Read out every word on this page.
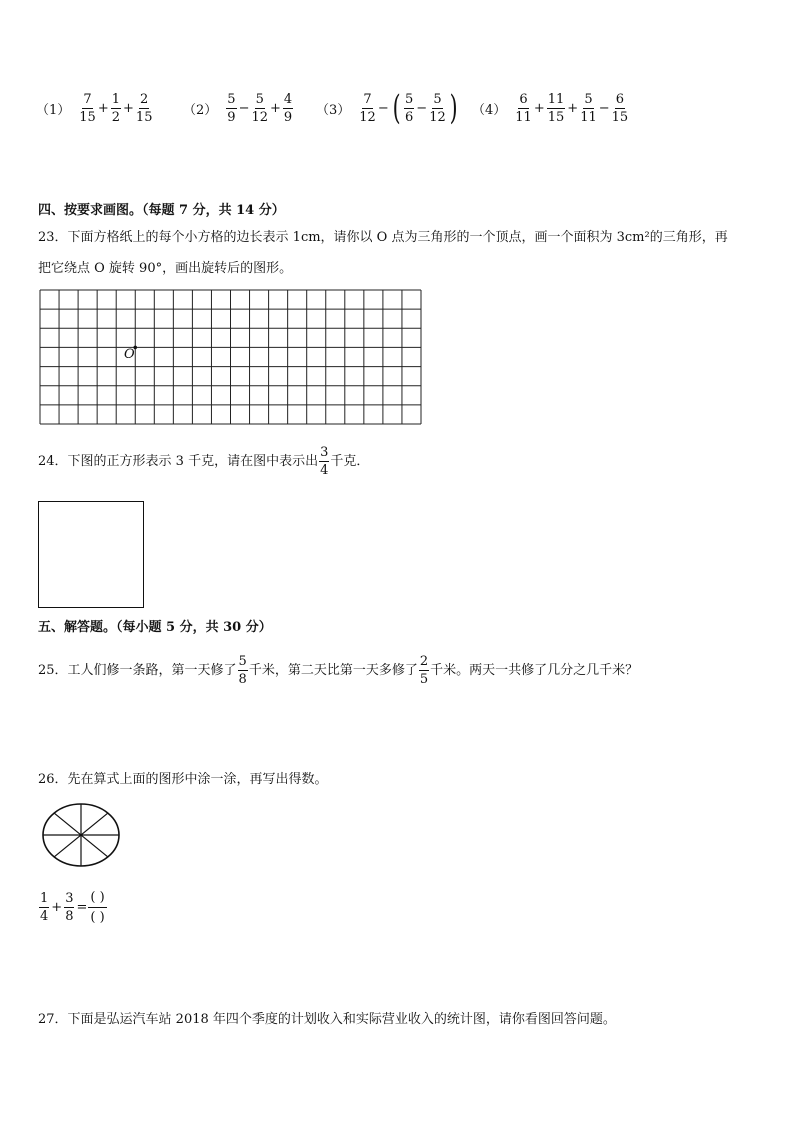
$(1) \frac{7}{15} + \frac{1}{2} + \frac{2}{15} (2) \frac{5}{9} - \frac{5}{12} + \frac{4}{9} (3) \frac{7}{12}$ − ( $\frac{5}{6} - \frac{5}{12}$ ) $(4) \frac{6}{11} + \frac{11}{15} + \frac{5}{11} - \frac{6}{15}$
四、按要求画图。（每题 7 分，共 14 分）
23．下面方格纸上的每个小方格的边长表示 1cm，请你以 O 点为三角形的一个顶点，画一个面积为 3cm²的三角形，再
把它绕点 O 旋转 90°，画出旋转后的图形。
O
24．下图的正方形表示 3 千克，请在图中表示出 $\frac{3}{4}$ 千克．
五、解答题。（每小题 5 分，共 30 分）
25．工人们修一条路，第一天修了 $\frac{5}{8}$ 千米，第二天比第一天多修了 $\frac{2}{5}$ 千米。两天一共修了几分之几千米？
26．先在算式上面的图形中涂一涂，再写出得数。
$\frac{1}{4} + \frac{3}{8} = \frac{( )}{( )}$
27．下面是弘运汽车站 2018 年四个季度的计划收入和实际营业收入的统计图，请你看图回答问题。
